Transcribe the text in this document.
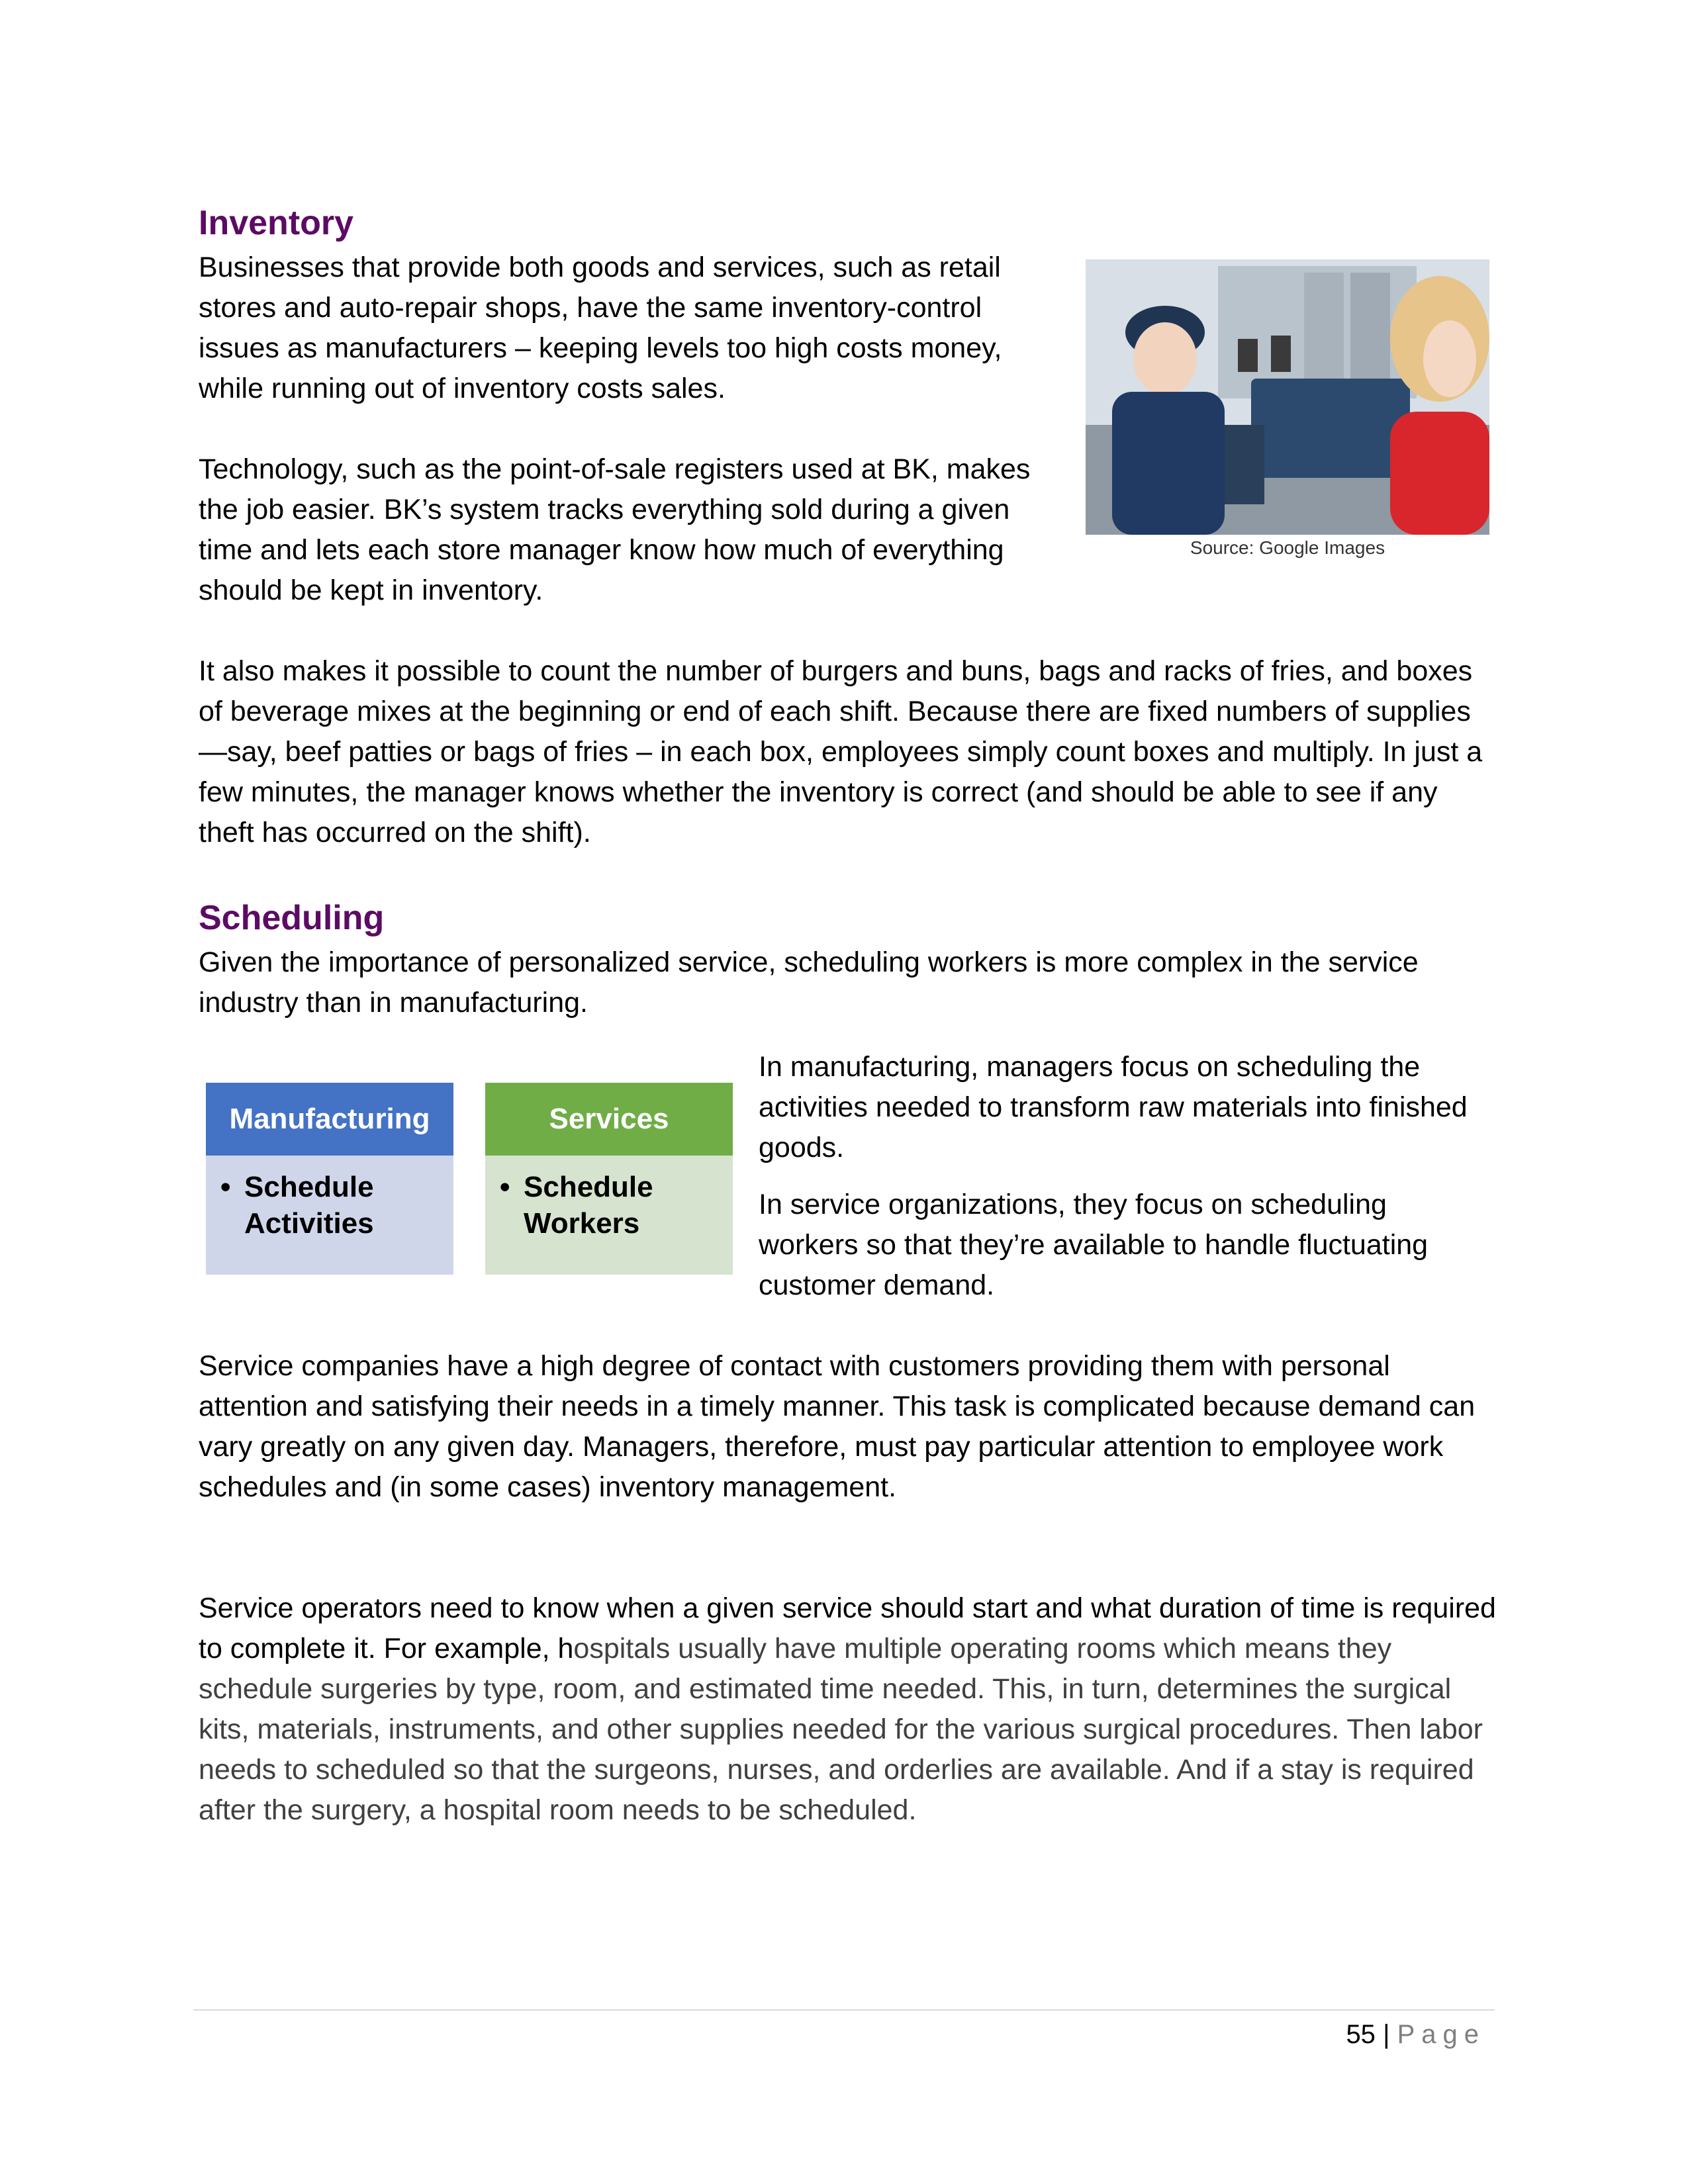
Inventory

Businesses that provide both goods and services, such as retail stores and auto-repair shops, have the same inventory-control issues as manufacturers – keeping levels too high costs money, while running out of inventory costs sales.

Technology, such as the point-of-sale registers used at BK, makes the job easier. BK’s system tracks everything sold during a given time and lets each store manager know how much of everything should be kept in inventory.

Source: Google Images

It also makes it possible to count the number of burgers and buns, bags and racks of fries, and boxes of beverage mixes at the beginning or end of each shift. Because there are fixed numbers of supplies—say, beef patties or bags of fries – in each box, employees simply count boxes and multiply. In just a few minutes, the manager knows whether the inventory is correct (and should be able to see if any theft has occurred on the shift).

Scheduling

Given the importance of personalized service, scheduling workers is more complex in the service industry than in manufacturing.

Manufacturing
• Schedule
Activities
Services
• Schedule
Workers

In manufacturing, managers focus on scheduling the activities needed to transform raw materials into finished goods.

In service organizations, they focus on scheduling workers so that they’re available to handle fluctuating customer demand.

Service companies have a high degree of contact with customers providing them with personal attention and satisfying their needs in a timely manner. This task is complicated because demand can vary greatly on any given day. Managers, therefore, must pay particular attention to employee work schedules and (in some cases) inventory management.

Service operators need to know when a given service should start and what duration of time is required to complete it. For example, hospitals usually have multiple operating rooms which means they schedule surgeries by type, room, and estimated time needed. This, in turn, determines the surgical kits, materials, instruments, and other supplies needed for the various surgical procedures. Then labor needs to scheduled so that the surgeons, nurses, and orderlies are available. And if a stay is required after the surgery, a hospital room needs to be scheduled.

55 | Page
